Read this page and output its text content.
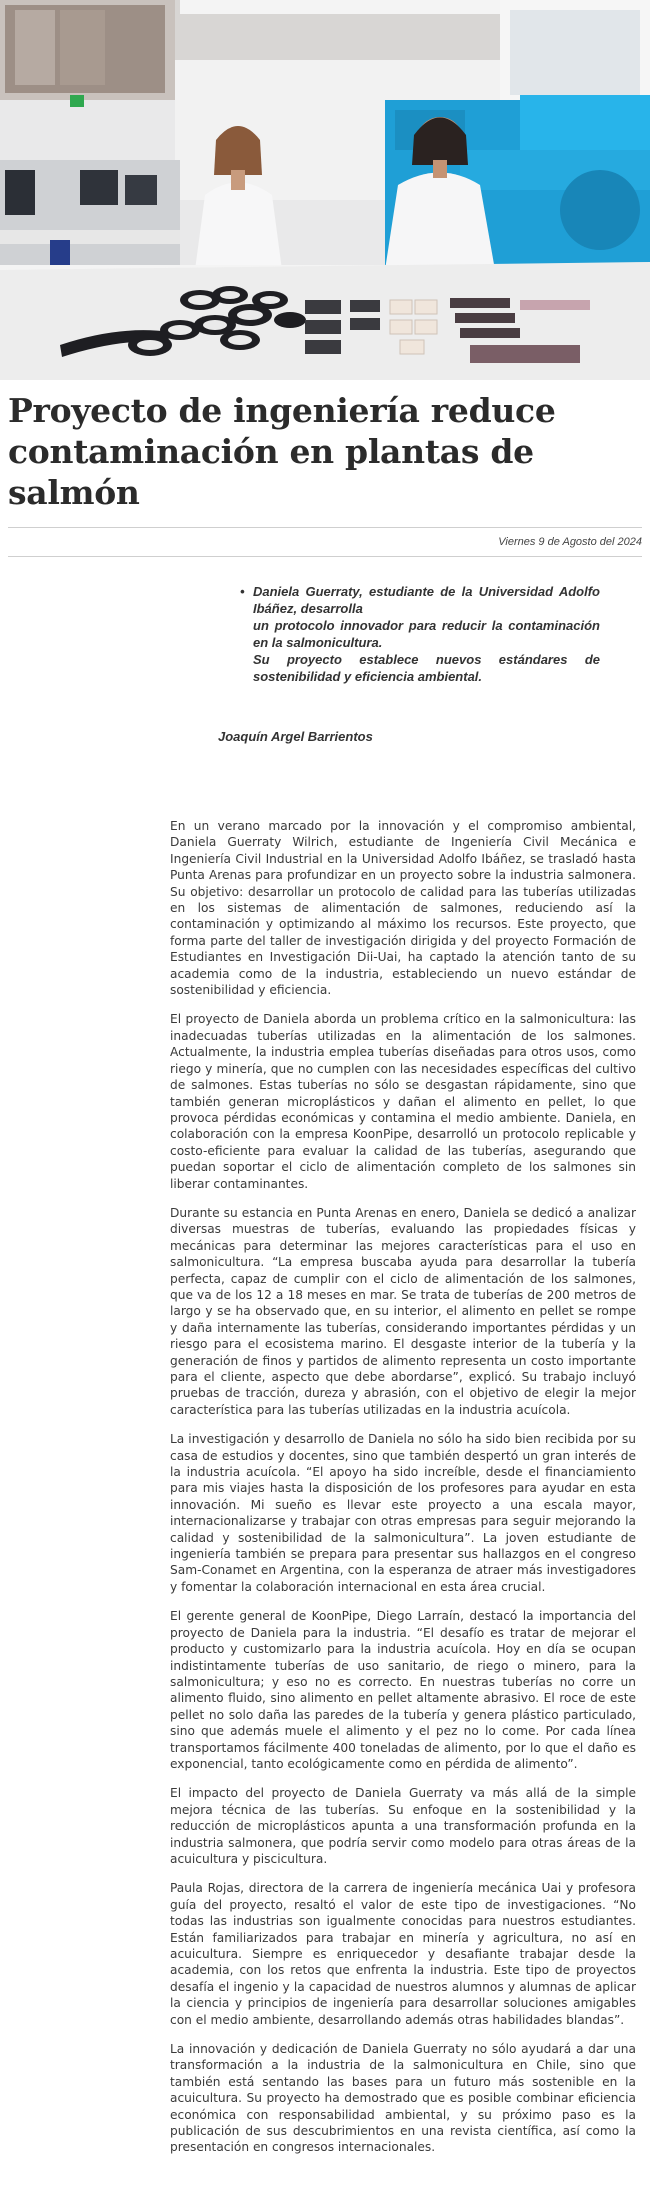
Proyecto de ingeniería reduce contaminación en plantas de salmón
Viernes 9 de Agosto del 2024
• Daniela Guerraty, estudiante de la Universidad Adolfo Ibáñez, desarrolla
un protocolo innovador para reducir la contaminación en la salmonicultura.
Su proyecto establece nuevos estándares de sostenibilidad y eficiencia ambiental.
Joaquín Argel Barrientos

En un verano marcado por la innovación y el compromiso ambiental, Daniela Guerraty Wilrich, estudiante de Ingeniería Civil Mecánica e Ingeniería Civil Industrial en la Universidad Adolfo Ibáñez, se trasladó hasta Punta Arenas para profundizar en un proyecto sobre la industria salmonera. Su objetivo: desarrollar un protocolo de calidad para las tuberías utilizadas en los sistemas de alimentación de salmones, reduciendo así la contaminación y optimizando al máximo los recursos. Este proyecto, que forma parte del taller de investigación dirigida y del proyecto Formación de Estudiantes en Investigación Dii-Uai, ha captado la atención tanto de su academia como de la industria, estableciendo un nuevo estándar de sostenibilidad y eficiencia.

El proyecto de Daniela aborda un problema crítico en la salmonicultura: las inadecuadas tuberías utilizadas en la alimentación de los salmones. Actualmente, la industria emplea tuberías diseñadas para otros usos, como riego y minería, que no cumplen con las necesidades específicas del cultivo de salmones. Estas tuberías no sólo se desgastan rápidamente, sino que también generan microplásticos y dañan el alimento en pellet, lo que provoca pérdidas económicas y contamina el medio ambiente. Daniela, en colaboración con la empresa KoonPipe, desarrolló un protocolo replicable y costo-eficiente para evaluar la calidad de las tuberías, asegurando que puedan soportar el ciclo de alimentación completo de los salmones sin liberar contaminantes.

Durante su estancia en Punta Arenas en enero, Daniela se dedicó a analizar diversas muestras de tuberías, evaluando las propiedades físicas y mecánicas para determinar las mejores características para el uso en salmonicultura. “La empresa buscaba ayuda para desarrollar la tubería perfecta, capaz de cumplir con el ciclo de alimentación de los salmones, que va de los 12 a 18 meses en mar. Se trata de tuberías de 200 metros de largo y se ha observado que, en su interior, el alimento en pellet se rompe y daña internamente las tuberías, considerando importantes pérdidas y un riesgo para el ecosistema marino. El desgaste interior de la tubería y la generación de finos y partidos de alimento representa un costo importante para el cliente, aspecto que debe abordarse”, explicó. Su trabajo incluyó pruebas de tracción, dureza y abrasión, con el objetivo de elegir la mejor característica para las tuberías utilizadas en la industria acuícola.

La investigación y desarrollo de Daniela no sólo ha sido bien recibida por su casa de estudios y docentes, sino que también despertó un gran interés de la industria acuícola. “El apoyo ha sido increíble, desde el financiamiento para mis viajes hasta la disposición de los profesores para ayudar en esta innovación. Mi sueño es llevar este proyecto a una escala mayor, internacionalizarse y trabajar con otras empresas para seguir mejorando la calidad y sostenibilidad de la salmonicultura”. La joven estudiante de ingeniería también se prepara para presentar sus hallazgos en el congreso Sam-Conamet en Argentina, con la esperanza de atraer más investigadores y fomentar la colaboración internacional en esta área crucial.

El gerente general de KoonPipe, Diego Larraín, destacó la importancia del proyecto de Daniela para la industria. “El desafío es tratar de mejorar el producto y customizarlo para la industria acuícola. Hoy en día se ocupan indistintamente tuberías de uso sanitario, de riego o minero, para la salmonicultura; y eso no es correcto. En nuestras tuberías no corre un alimento fluido, sino alimento en pellet altamente abrasivo. El roce de este pellet no solo daña las paredes de la tubería y genera plástico particulado, sino que además muele el alimento y el pez no lo come. Por cada línea transportamos fácilmente 400 toneladas de alimento, por lo que el daño es exponencial, tanto ecológicamente como en pérdida de alimento”.

El impacto del proyecto de Daniela Guerraty va más allá de la simple mejora técnica de las tuberías. Su enfoque en la sostenibilidad y la reducción de microplásticos apunta a una transformación profunda en la industria salmonera, que podría servir como modelo para otras áreas de la acuicultura y piscicultura.

Paula Rojas, directora de la carrera de ingeniería mecánica Uai y profesora guía del proyecto, resaltó el valor de este tipo de investigaciones. “No todas las industrias son igualmente conocidas para nuestros estudiantes. Están familiarizados para trabajar en minería y agricultura, no así en acuicultura. Siempre es enriquecedor y desafiante trabajar desde la academia, con los retos que enfrenta la industria. Este tipo de proyectos desafía el ingenio y la capacidad de nuestros alumnos y alumnas de aplicar la ciencia y principios de ingeniería para desarrollar soluciones amigables con el medio ambiente, desarrollando además otras habilidades blandas”.

La innovación y dedicación de Daniela Guerraty no sólo ayudará a dar una transformación a la industria de la salmonicultura en Chile, sino que también está sentando las bases para un futuro más sostenible en la acuicultura. Su proyecto ha demostrado que es posible combinar eficiencia económica con responsabilidad ambiental, y su próximo paso es la publicación de sus descubrimientos en una revista científica, así como la presentación en congresos internacionales.
